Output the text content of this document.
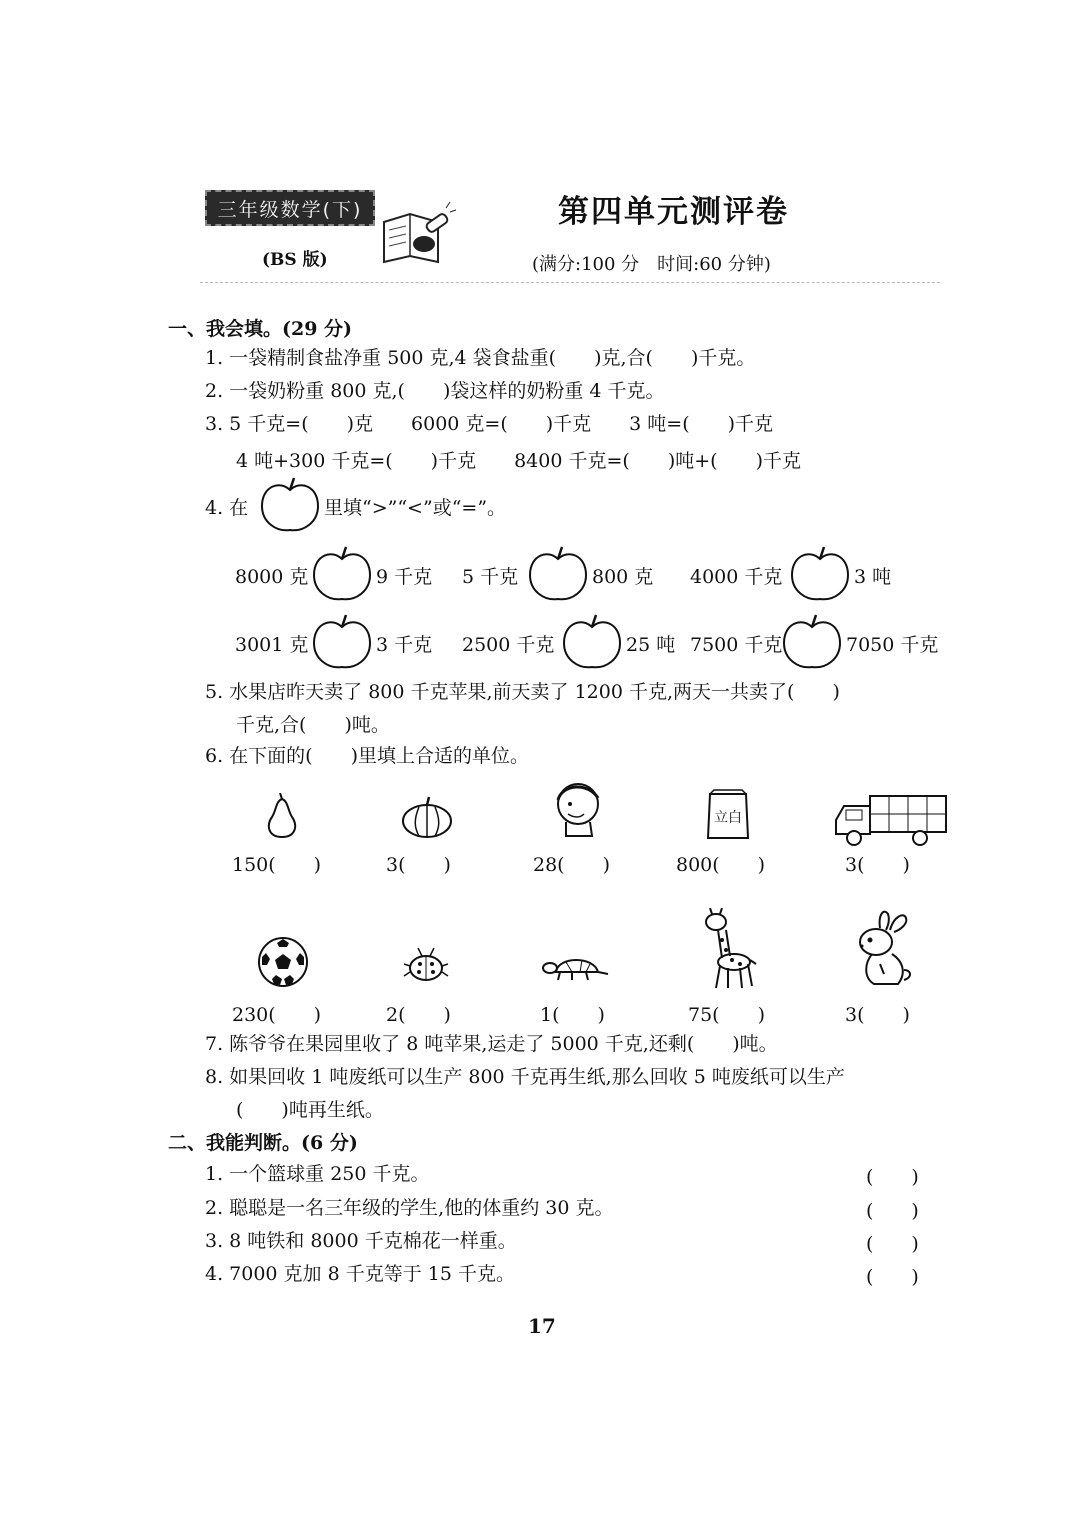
三年级数学(下)
(BS 版)
第四单元测评卷
(满分:100 分　时间:60 分钟)
一、我会填。(29 分)
1. 一袋精制食盐净重 500 克,4 袋食盐重(　　)克,合(　　)千克。
2. 一袋奶粉重 800 克,(　　)袋这样的奶粉重 4 千克。
3. 5 千克=(　　)克　　6000 克=(　　)千克　　3 吨=(　　)千克
4 吨+300 千克=(　　)千克　　8400 千克=(　　)吨+(　　)千克
4. 在	里填“>”“<”或“=”。
8000 克	9 千克 5 千克	800 克 4000 千克	3 吨
3001 克	3 千克 2500 千克	25 吨 7500 千克	7050 千克
5. 水果店昨天卖了 800 千克苹果,前天卖了 1200 千克,两天一共卖了(　　)
千克,合(　　)吨。
6. 在下面的(　　)里填上合适的单位。
立白
150(　　)	3(　　)	28(　　)	800(　　)	3(　　)
230(　　)	2(　　)	1(　　)	75(　　)	3(　　)
7. 陈爷爷在果园里收了 8 吨苹果,运走了 5000 千克,还剩(　　)吨。
8. 如果回收 1 吨废纸可以生产 800 千克再生纸,那么回收 5 吨废纸可以生产
(　　)吨再生纸。
二、我能判断。(6 分)
1. 一个篮球重 250 千克。	(　　)
2. 聪聪是一名三年级的学生,他的体重约 30 克。	(　　)
3. 8 吨铁和 8000 千克棉花一样重。	(　　)
4. 7000 克加 8 千克等于 15 千克。	(　　)
17
